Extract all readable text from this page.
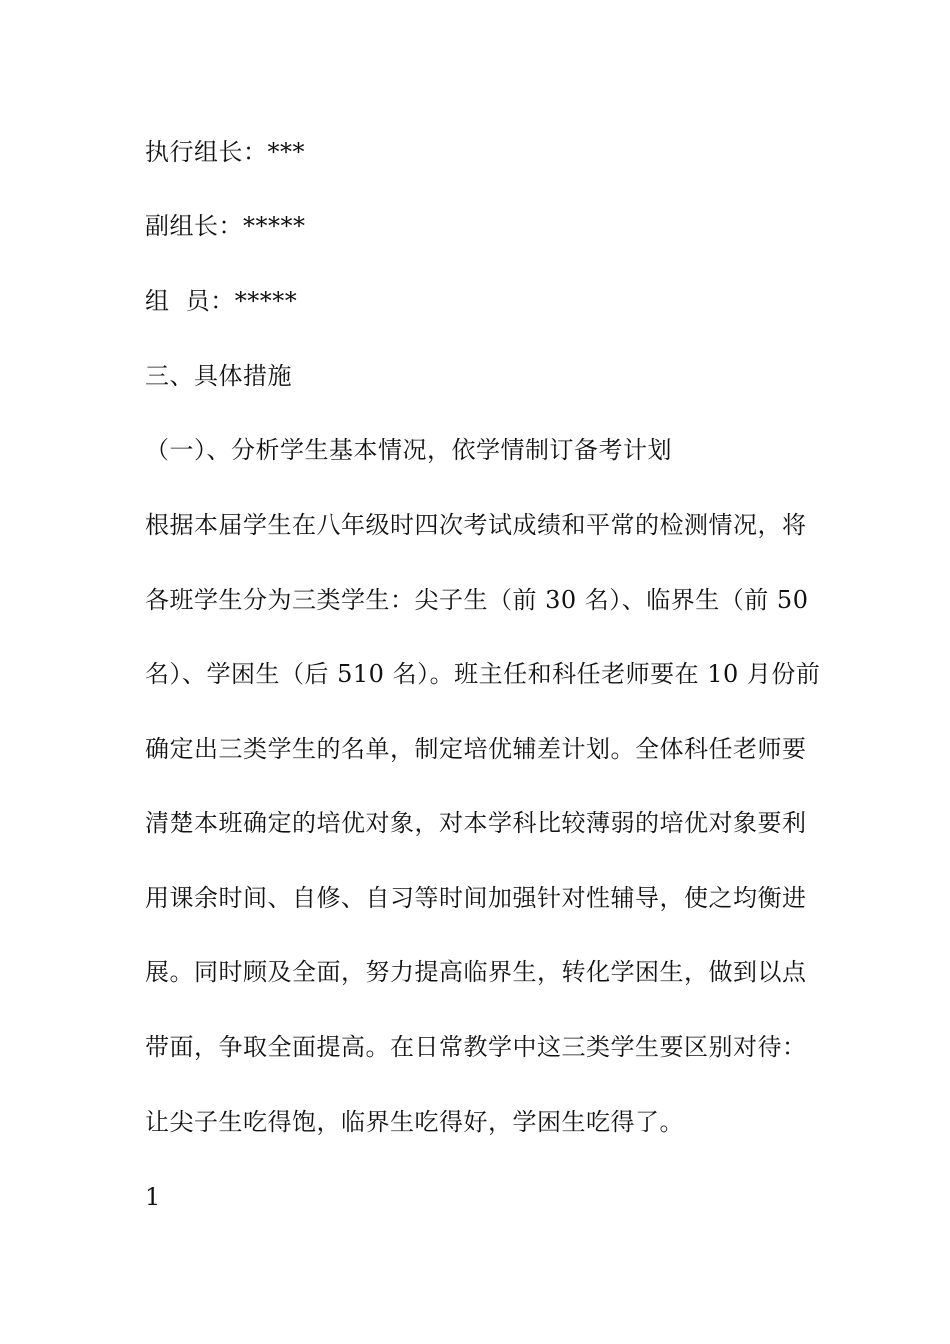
执行组长：***
副组长：*****
组  员：*****
三、具体措施
（一）、分析学生基本情况，依学情制订备考计划
根据本届学生在八年级时四次考试成绩和平常的检测情况，将
各班学生分为三类学生：尖子生（前 30 名）、临界生（前 50
名）、学困生（后 510 名）。班主任和科任老师要在 10 月份前
确定出三类学生的名单，制定培优辅差计划。全体科任老师要
清楚本班确定的培优对象，对本学科比较薄弱的培优对象要利
用课余时间、自修、自习等时间加强针对性辅导，使之均衡进
展。同时顾及全面，努力提高临界生，转化学困生，做到以点
带面，争取全面提高。在日常教学中这三类学生要区别对待：
让尖子生吃得饱，临界生吃得好，学困生吃得了。
1
